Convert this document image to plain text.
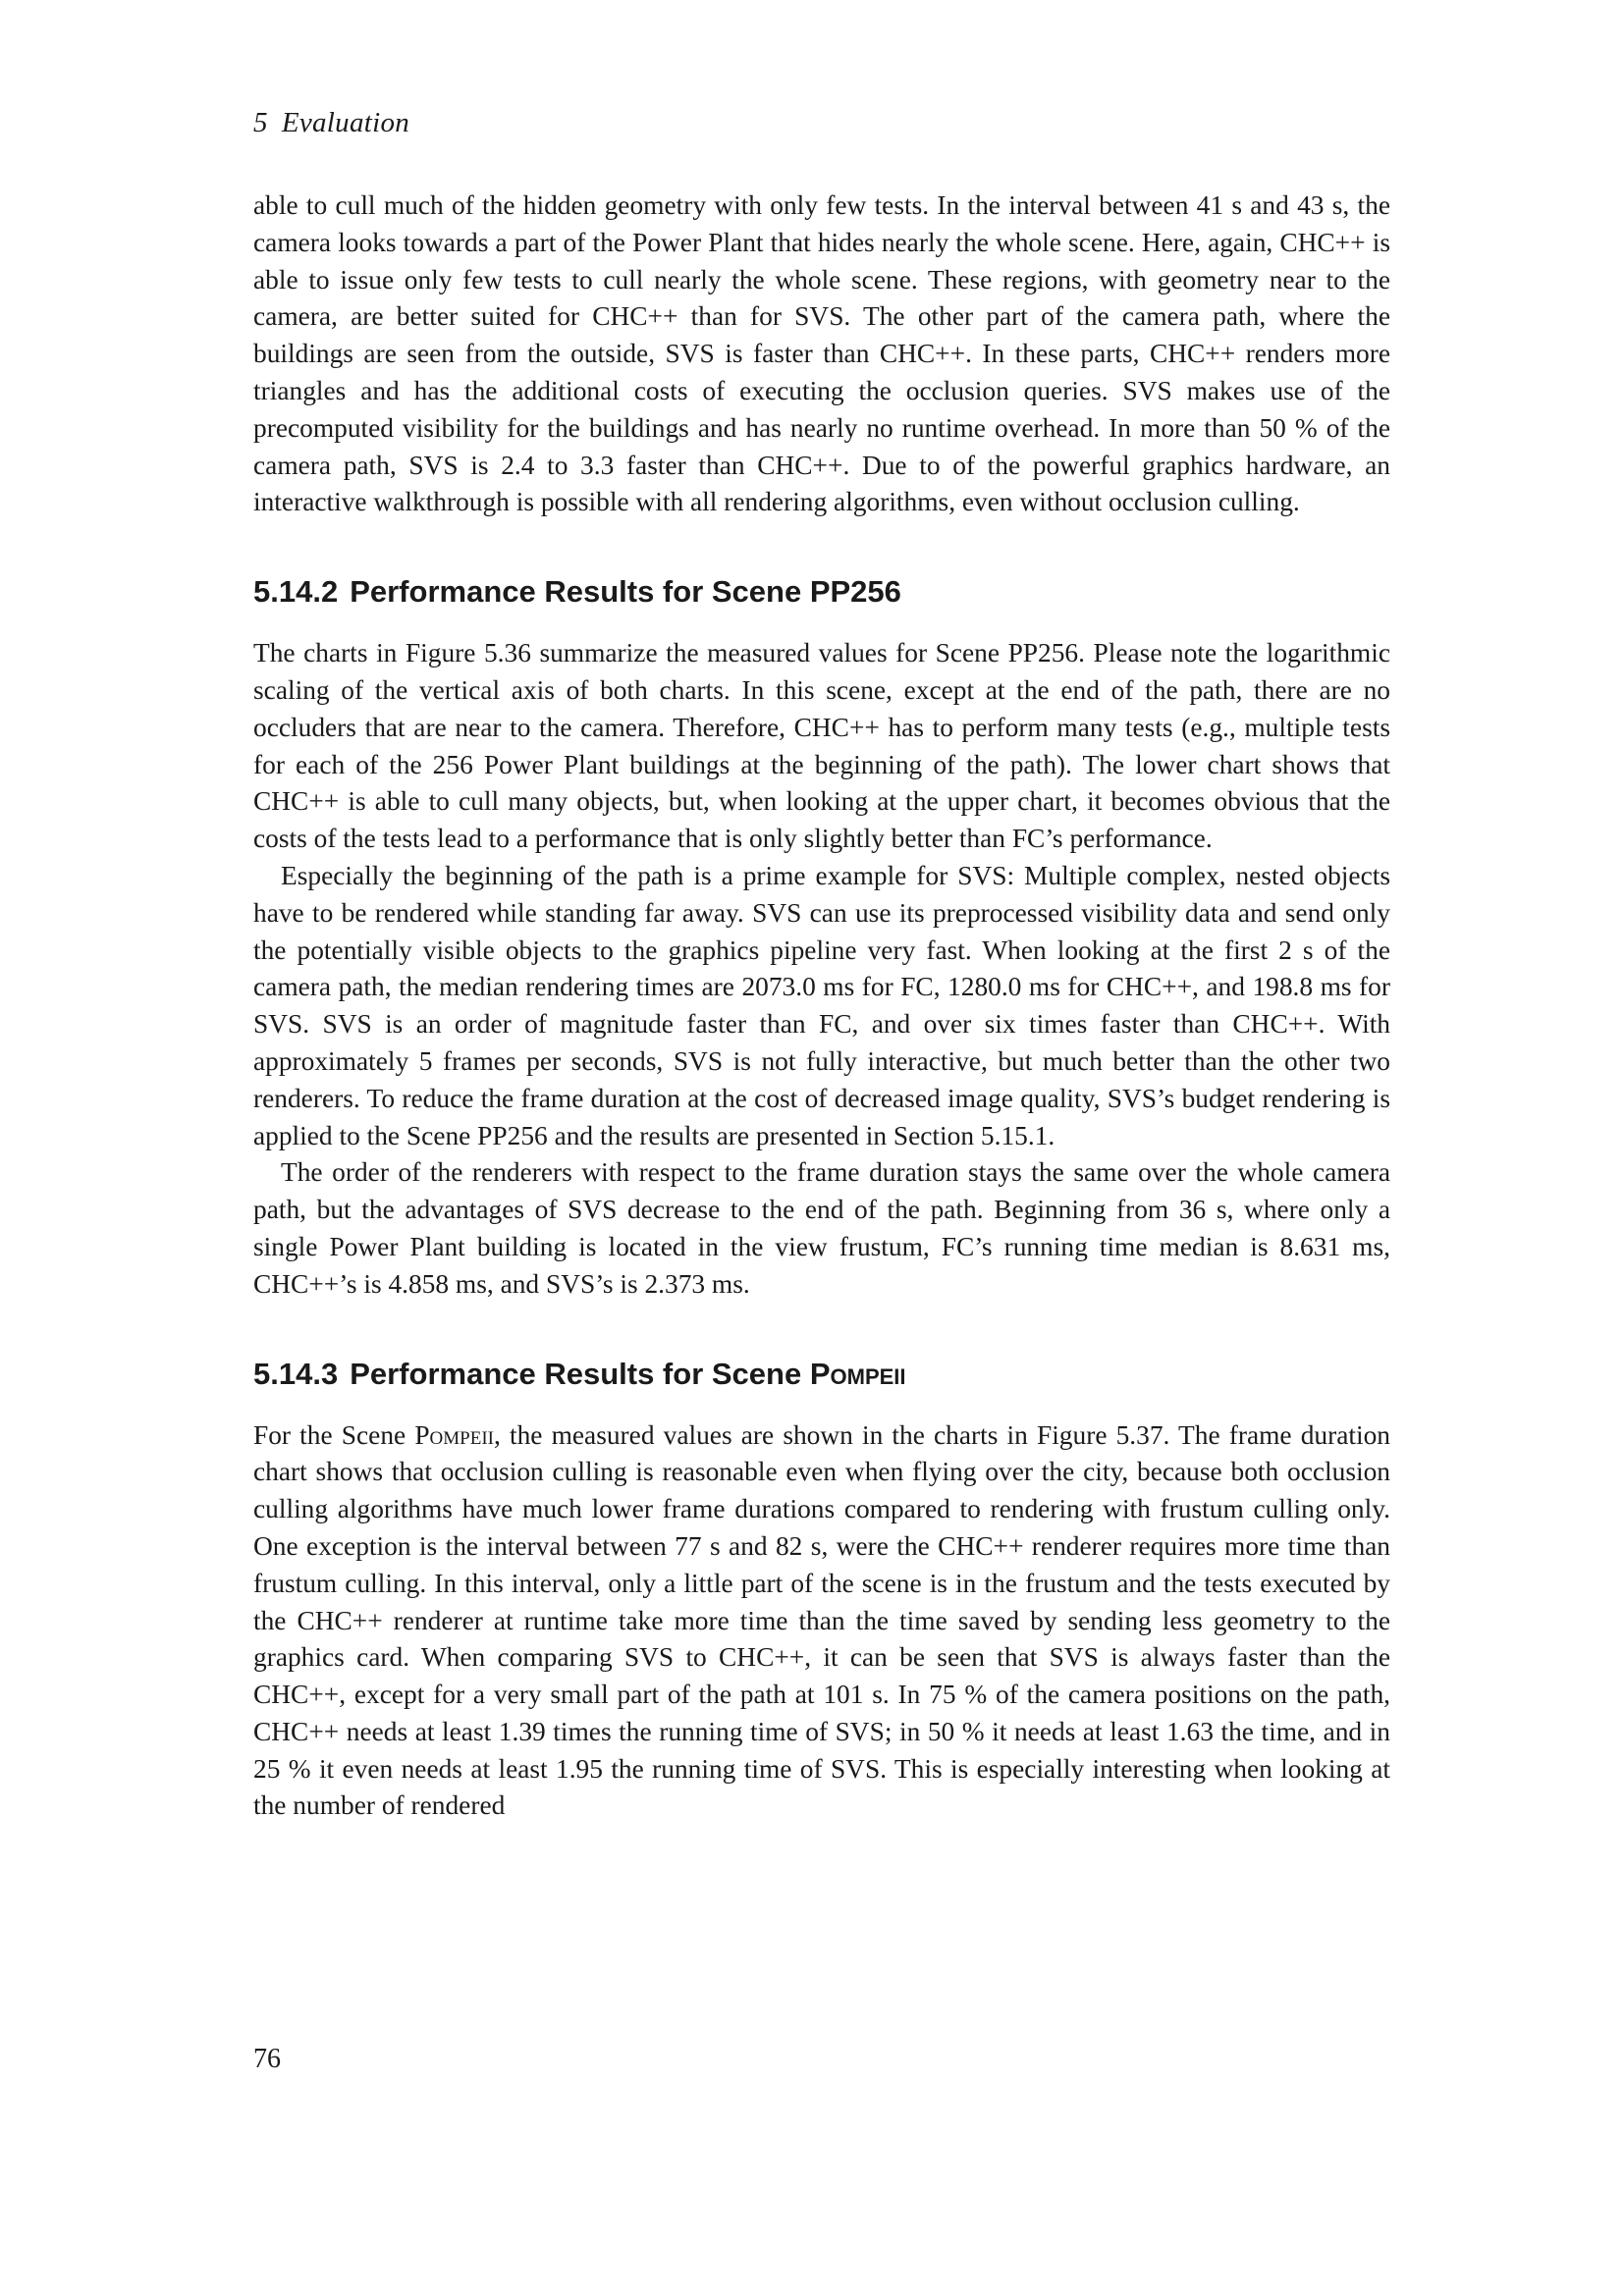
5 Evaluation

able to cull much of the hidden geometry with only few tests. In the interval between 41 s and 43 s, the camera looks towards a part of the Power Plant that hides nearly the whole scene. Here, again, CHC++ is able to issue only few tests to cull nearly the whole scene. These regions, with geometry near to the camera, are better suited for CHC++ than for SVS. The other part of the camera path, where the buildings are seen from the outside, SVS is faster than CHC++. In these parts, CHC++ renders more triangles and has the additional costs of executing the occlusion queries. SVS makes use of the precomputed visibility for the buildings and has nearly no runtime overhead. In more than 50 % of the camera path, SVS is 2.4 to 3.3 faster than CHC++. Due to of the powerful graphics hardware, an interactive walkthrough is possible with all rendering algorithms, even without occlusion culling.

5.14.2 Performance Results for Scene PP256

The charts in Figure 5.36 summarize the measured values for Scene PP256. Please note the logarithmic scaling of the vertical axis of both charts. In this scene, except at the end of the path, there are no occluders that are near to the camera. Therefore, CHC++ has to perform many tests (e.g., multiple tests for each of the 256 Power Plant buildings at the beginning of the path). The lower chart shows that CHC++ is able to cull many objects, but, when looking at the upper chart, it becomes obvious that the costs of the tests lead to a performance that is only slightly better than FC’s performance.

Especially the beginning of the path is a prime example for SVS: Multiple complex, nested objects have to be rendered while standing far away. SVS can use its preprocessed visibility data and send only the potentially visible objects to the graphics pipeline very fast. When looking at the first 2 s of the camera path, the median rendering times are 2073.0 ms for FC, 1280.0 ms for CHC++, and 198.8 ms for SVS. SVS is an order of magnitude faster than FC, and over six times faster than CHC++. With approximately 5 frames per seconds, SVS is not fully interactive, but much better than the other two renderers. To reduce the frame duration at the cost of decreased image quality, SVS’s budget rendering is applied to the Scene PP256 and the results are presented in Section 5.15.1.

The order of the renderers with respect to the frame duration stays the same over the whole camera path, but the advantages of SVS decrease to the end of the path. Beginning from 36 s, where only a single Power Plant building is located in the view frustum, FC’s running time median is 8.631 ms, CHC++’s is 4.858 ms, and SVS’s is 2.373 ms.

5.14.3 Performance Results for Scene Pompeii

For the Scene Pompeii, the measured values are shown in the charts in Figure 5.37. The frame duration chart shows that occlusion culling is reasonable even when flying over the city, because both occlusion culling algorithms have much lower frame durations compared to rendering with frustum culling only. One exception is the interval between 77 s and 82 s, were the CHC++ renderer requires more time than frustum culling. In this interval, only a little part of the scene is in the frustum and the tests executed by the CHC++ renderer at runtime take more time than the time saved by sending less geometry to the graphics card. When comparing SVS to CHC++, it can be seen that SVS is always faster than the CHC++, except for a very small part of the path at 101 s. In 75 % of the camera positions on the path, CHC++ needs at least 1.39 times the running time of SVS; in 50 % it needs at least 1.63 the time, and in 25 % it even needs at least 1.95 the running time of SVS. This is especially interesting when looking at the number of rendered

76
